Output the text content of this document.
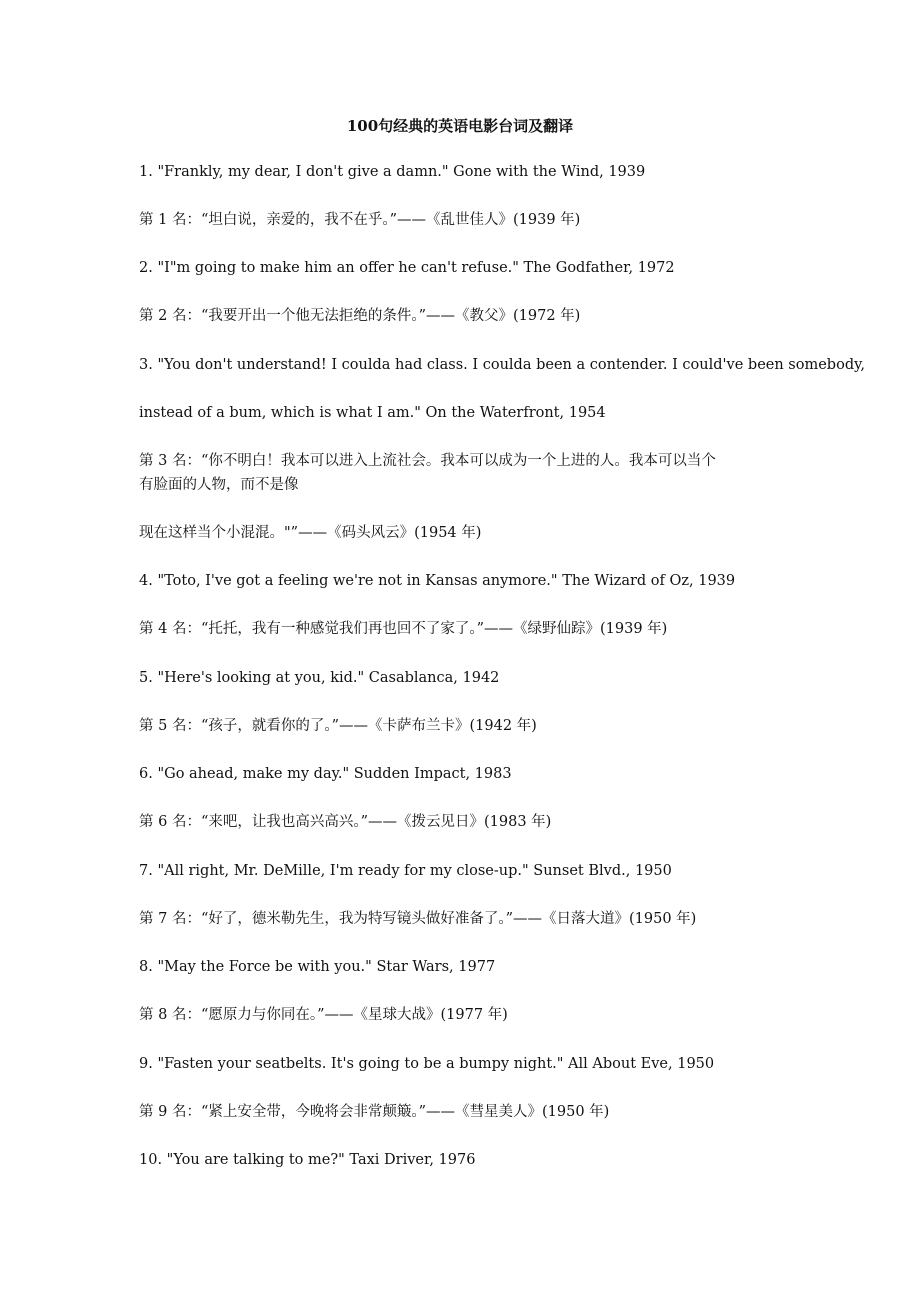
100句经典的英语电影台词及翻译
1. "Frankly, my dear, I don't give a damn." Gone with the Wind, 1939
第 1 名：“坦白说，亲爱的，我不在乎。”——《乱世佳人》(1939 年)
2. "I"m going to make him an offer he can't refuse." The Godfather, 1972
第 2 名：“我要开出一个他无法拒绝的条件。”——《教父》(1972 年)
3. "You don't understand! I coulda had class. I coulda been a contender. I could've been somebody,
instead of a bum, which is what I am." On the Waterfront, 1954
第 3 名：“你不明白！我本可以进入上流社会。我本可以成为一个上进的人。我本可以当个
有脸面的人物，而不是像
现在这样当个小混混。"”——《码头风云》(1954 年)
4. "Toto, I've got a feeling we're not in Kansas anymore." The Wizard of Oz, 1939
第 4 名：“托托，我有一种感觉我们再也回不了家了。”——《绿野仙踪》(1939 年)
5. "Here's looking at you, kid." Casablanca, 1942
第 5 名：“孩子，就看你的了。”——《卡萨布兰卡》(1942 年)
6. "Go ahead, make my day." Sudden Impact, 1983
第 6 名：“来吧，让我也高兴高兴。”——《拨云见日》(1983 年)
7. "All right, Mr. DeMille, I'm ready for my close-up." Sunset Blvd., 1950
第 7 名：“好了，德米勒先生，我为特写镜头做好准备了。”——《日落大道》(1950 年)
8. "May the Force be with you." Star Wars, 1977
第 8 名：“愿原力与你同在。”——《星球大战》(1977 年)
9. "Fasten your seatbelts. It's going to be a bumpy night." All About Eve, 1950
第 9 名：“紧上安全带，今晚将会非常颠簸。”——《彗星美人》(1950 年)
10. "You are talking to me?" Taxi Driver, 1976
